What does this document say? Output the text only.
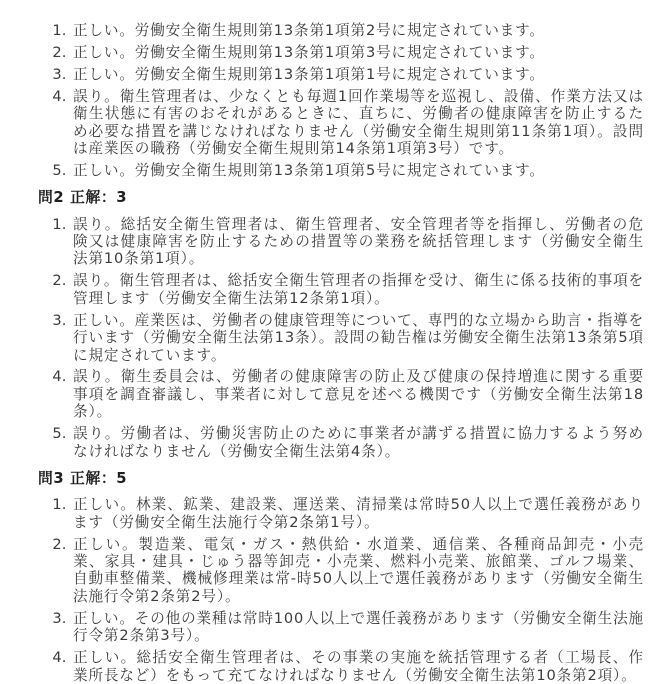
1. 正しい。労働安全衛生規則第13条第1項第2号に規定されています。
2. 正しい。労働安全衛生規則第13条第1項第3号に規定されています。
3. 正しい。労働安全衛生規則第13条第1項第1号に規定されています。
4. 誤り。衛生管理者は、少なくとも毎週1回作業場等を巡視し、設備、作業方法又は衛生状態に有害のおそれがあるときに、直ちに、労働者の健康障害を防止するため必要な措置を講じなければなりません（労働安全衛生規則第11条第1項）。設問は産業医の職務（労働安全衛生規則第14条第1項第3号）です。
5. 正しい。労働安全衛生規則第13条第1項第5号に規定されています。

問2 正解：3

1. 誤り。総括安全衛生管理者は、衛生管理者、安全管理者等を指揮し、労働者の危険又は健康障害を防止するための措置等の業務を統括管理します（労働安全衛生法第10条第1項）。
2. 誤り。衛生管理者は、総括安全衛生管理者の指揮を受け、衛生に係る技術的事項を管理します（労働安全衛生法第12条第1項）。
3. 正しい。産業医は、労働者の健康管理等について、専門的な立場から助言・指導を行います（労働安全衛生法第13条）。設問の勧告権は労働安全衛生法第13条第5項に規定されています。
4. 誤り。衛生委員会は、労働者の健康障害の防止及び健康の保持増進に関する重要事項を調査審議し、事業者に対して意見を述べる機関です（労働安全衛生法第18条）。
5. 誤り。労働者は、労働災害防止のために事業者が講ずる措置に協力するよう努めなければなりません（労働安全衛生法第4条）。

問3 正解：5

1. 正しい。林業、鉱業、建設業、運送業、清掃業は常時50人以上で選任義務があります（労働安全衛生法施行令第2条第1号）。
2. 正しい。製造業、電気・ガス・熱供給・水道業、通信業、各種商品卸売・小売業、家具・建具・じゅう器等卸売・小売業、燃料小売業、旅館業、ゴルフ場業、自動車整備業、機械修理業は常-時50人以上で選任義務があります（労働安全衛生法施行令第2条第2号）。
3. 正しい。その他の業種は常時100人以上で選任義務があります（労働安全衛生法施行令第2条第3号）。
4. 正しい。総括安全衛生管理者は、その事業の実施を統括管理する者（工場長、作業所長など）をもって充てなければなりません（労働安全衛生法第10条第2項）。
